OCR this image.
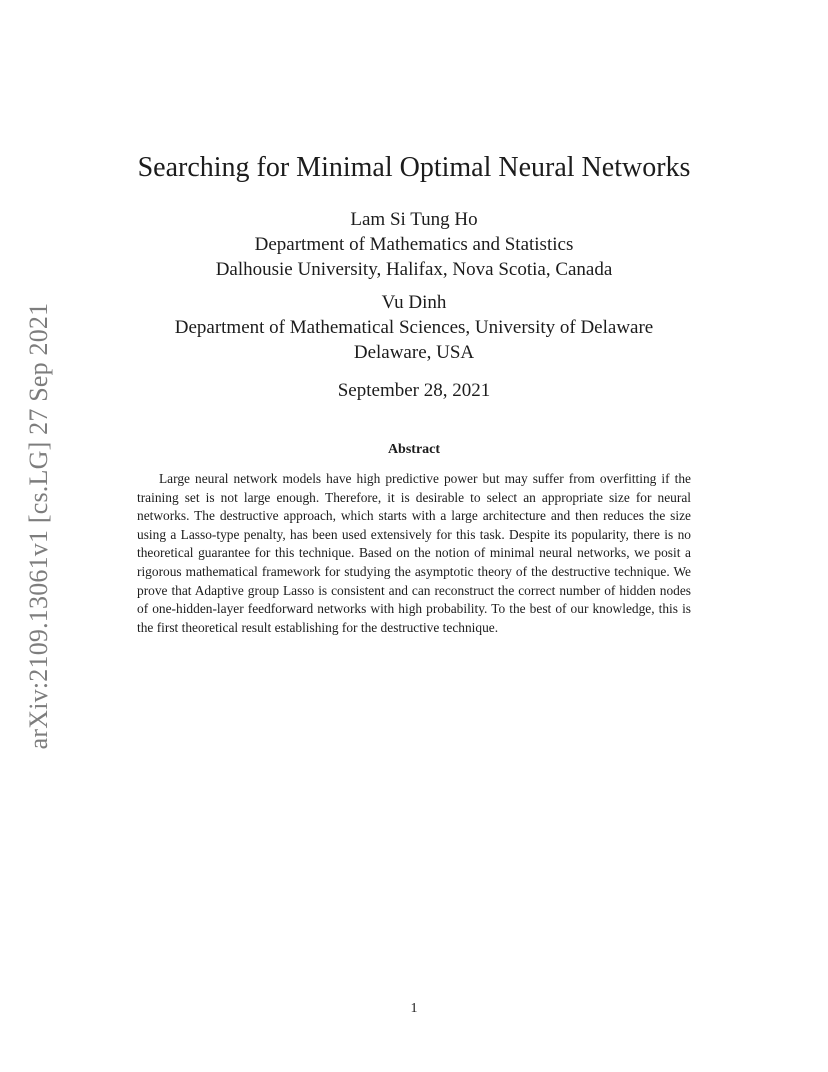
arXiv:2109.13061v1 [cs.LG] 27 Sep 2021
Searching for Minimal Optimal Neural Networks
Lam Si Tung Ho
Department of Mathematics and Statistics
Dalhousie University, Halifax, Nova Scotia, Canada
Vu Dinh
Department of Mathematical Sciences, University of Delaware
Delaware, USA
September 28, 2021
Abstract

Large neural network models have high predictive power but may suffer from overfitting if the training set is not large enough. Therefore, it is desirable to select an appropriate size for neural networks. The destructive approach, which starts with a large architecture and then reduces the size using a Lasso-type penalty, has been used extensively for this task. Despite its popularity, there is no theoretical guarantee for this technique. Based on the notion of minimal neural networks, we posit a rigorous mathematical framework for studying the asymptotic theory of the destructive technique. We prove that Adaptive group Lasso is consistent and can reconstruct the correct number of hidden nodes of one-hidden-layer feedforward networks with high probability. To the best of our knowledge, this is the first theoretical result establishing for the destructive technique.

1
